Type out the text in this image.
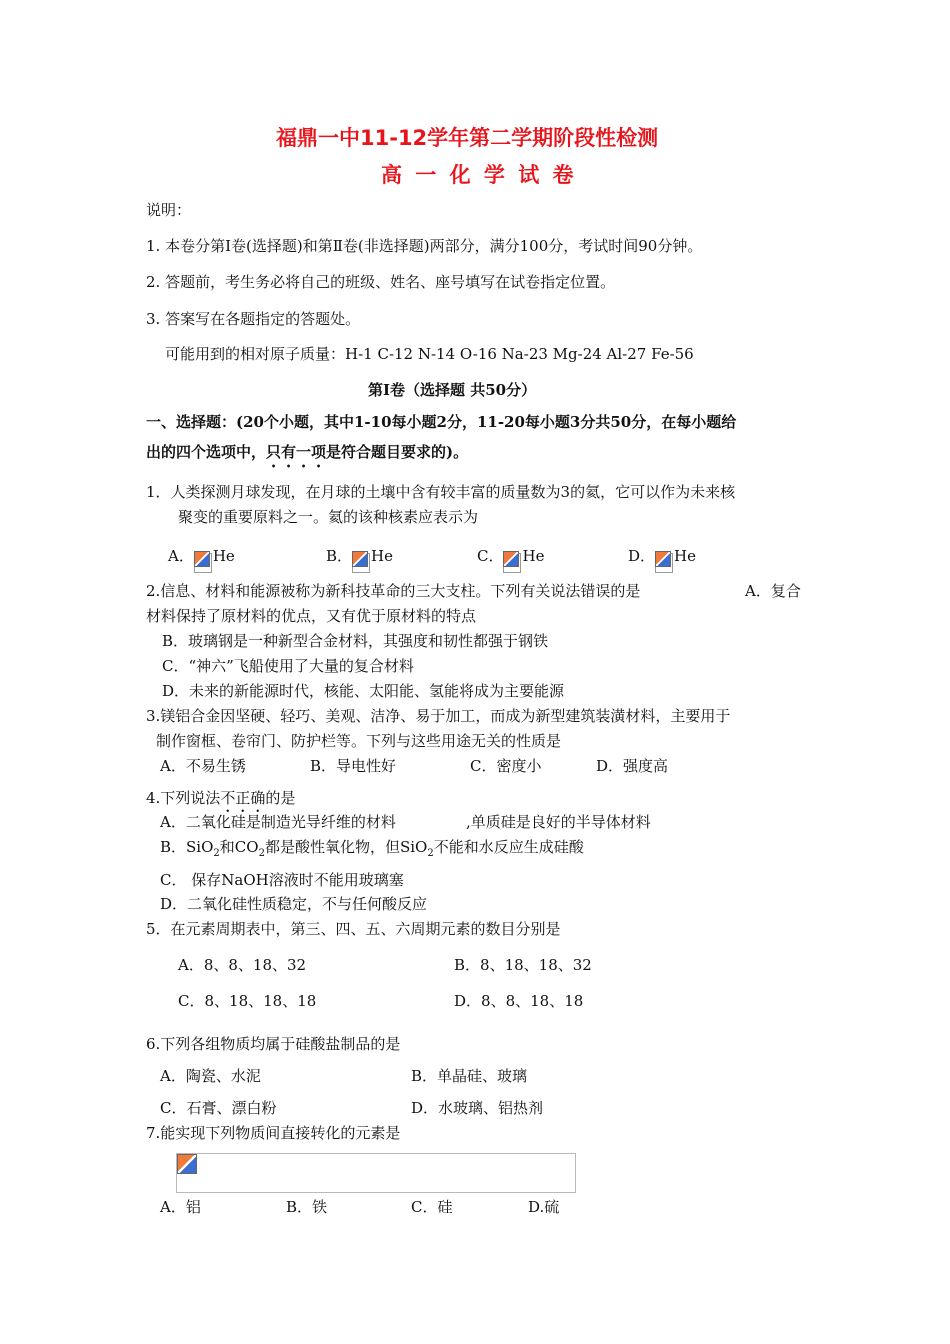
福鼎一中11-12学年第二学期阶段性检测
高 一 化 学 试 卷
说明：
1. 本卷分第I卷(选择题)和第Ⅱ卷(非选择题)两部分，满分100分，考试时间90分钟。
2. 答题前，考生务必将自己的班级、姓名、座号填写在试卷指定位置。
3. 答案写在各题指定的答题处。
可能用到的相对原子质量：H-1 C-12 N-14 O-16 Na-23 Mg-24 Al-27 Fe-56
第Ⅰ卷（选择题 共50分）
一、选择题：(20个小题，其中1-10每小题2分，11-20每小题3分共50分，在每小题给
出的四个选项中，只有一项是符合题目要求的)。
1．人类探测月球发现，在月球的土壤中含有较丰富的质量数为3的氦，它可以作为未来核
聚变的重要原料之一。氦的该种核素应表示为
A． He	B． He	C． He	D． He
2.信息、材料和能源被称为新科技革命的三大支柱。下列有关说法错误的是	A．复合
材料保持了原材料的优点，又有优于原材料的特点
B．玻璃钢是一种新型合金材料，其强度和韧性都强于钢铁
C．“神六”飞船使用了大量的复合材料
D．未来的新能源时代，核能、太阳能、氢能将成为主要能源
3.镁铝合金因坚硬、轻巧、美观、洁净、易于加工，而成为新型建筑装潢材料，主要用于
制作窗框、卷帘门、防护栏等。下列与这些用途无关的性质是
A．不易生锈	B．导电性好	C．密度小	D．强度高
4.下列说法不正确的是
A．二氧化硅是制造光导纤维的材料	,单质硅是良好的半导体材料
B．SiO$_2$和$CO_2$都是酸性氧化物，但SiO$_2$不能和水反应生成硅酸
C． 保存NaOH溶液时不能用玻璃塞
D．二氧化硅性质稳定，不与任何酸反应
5．在元素周期表中，第三、四、五、六周期元素的数目分别是
A．8、8、18、32	B．8、18、18、32
C．8、18、18、18	D．8、8、18、18
6.下列各组物质均属于硅酸盐制品的是
A．陶瓷、水泥	B．单晶硅、玻璃
C．石膏、漂白粉	D．水玻璃、铝热剂
7.能实现下列物质间直接转化的元素是
A．铝	B．铁	C．硅	D.硫
